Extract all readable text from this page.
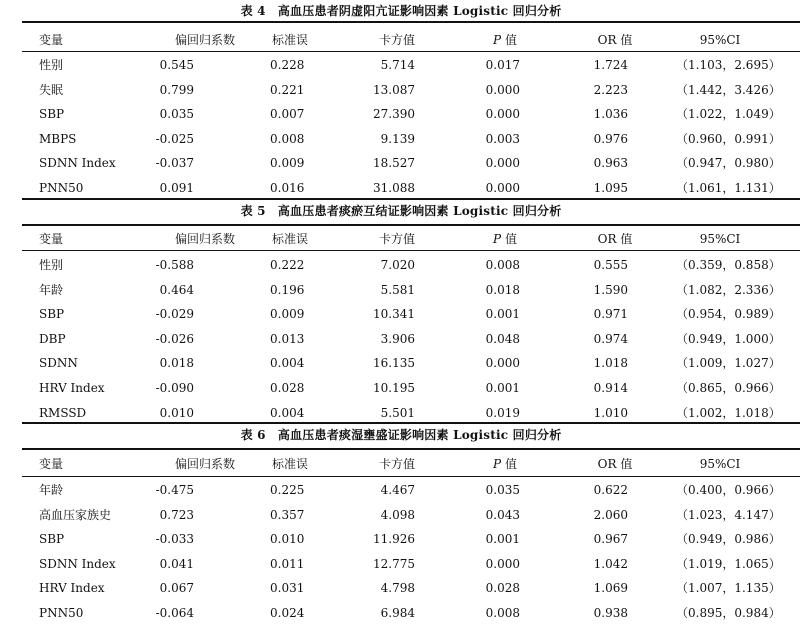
表 4　高血压患者阴虚阳亢证影响因素 Logistic 回归分析
变量	偏回归系数	标准误	卡方值	P 值	OR 值	95%CI
性别	0.545	0.228	5.714	0.017	1.724	（1.103，2.695）
失眠	0.799	0.221	13.087	0.000	2.223	（1.442，3.426）
SBP	0.035	0.007	27.390	0.000	1.036	（1.022，1.049）
MBPS	-0.025	0.008	9.139	0.003	0.976	（0.960，0.991）
SDNN Index	-0.037	0.009	18.527	0.000	0.963	（0.947，0.980）
PNN50	0.091	0.016	31.088	0.000	1.095	（1.061，1.131）
表 5　高血压患者痰瘀互结证影响因素 Logistic 回归分析
变量	偏回归系数	标准误	卡方值	P 值	OR 值	95%CI
性别	-0.588	0.222	7.020	0.008	0.555	（0.359，0.858）
年龄	0.464	0.196	5.581	0.018	1.590	（1.082，2.336）
SBP	-0.029	0.009	10.341	0.001	0.971	（0.954，0.989）
DBP	-0.026	0.013	3.906	0.048	0.974	（0.949，1.000）
SDNN	0.018	0.004	16.135	0.000	1.018	（1.009，1.027）
HRV Index	-0.090	0.028	10.195	0.001	0.914	（0.865，0.966）
RMSSD	0.010	0.004	5.501	0.019	1.010	（1.002，1.018）
表 6　高血压患者痰湿壅盛证影响因素 Logistic 回归分析
变量	偏回归系数	标准误	卡方值	P 值	OR 值	95%CI
年龄	-0.475	0.225	4.467	0.035	0.622	（0.400，0.966）
高血压家族史	0.723	0.357	4.098	0.043	2.060	（1.023，4.147）
SBP	-0.033	0.010	11.926	0.001	0.967	（0.949，0.986）
SDNN Index	0.041	0.011	12.775	0.000	1.042	（1.019，1.065）
HRV Index	0.067	0.031	4.798	0.028	1.069	（1.007，1.135）
PNN50	-0.064	0.024	6.984	0.008	0.938	（0.895，0.984）
